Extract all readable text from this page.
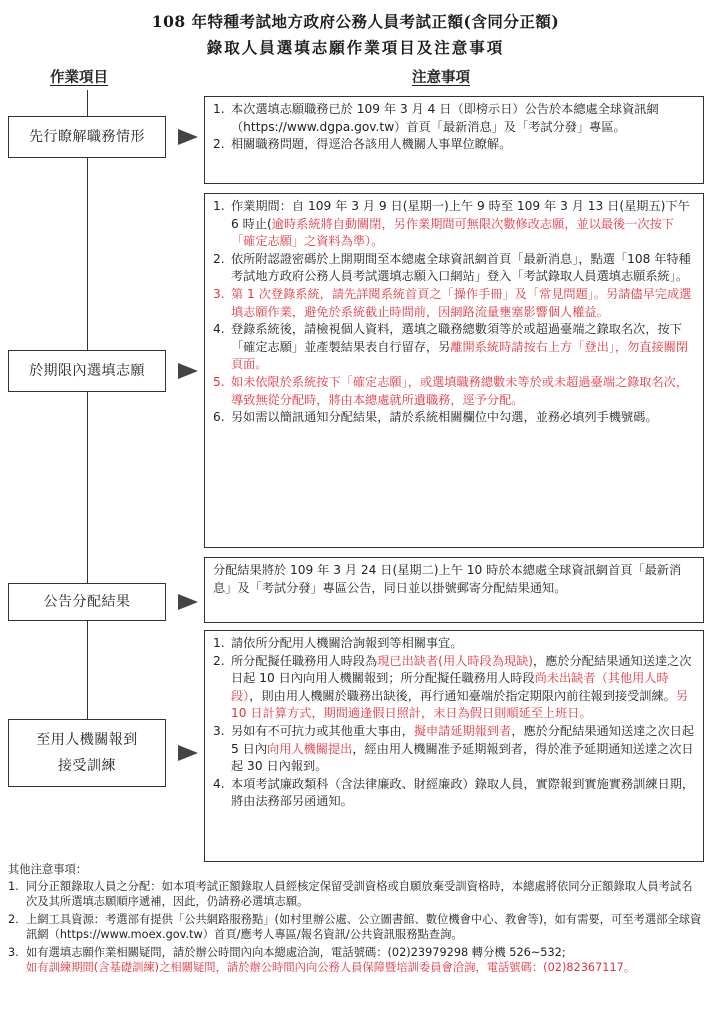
108 年特種考試地方政府公務人員考試正額(含同分正額)
錄取人員選填志願作業項目及注意事項
作業項目	注意事項
先行瞭解職務情形
於期限內選填志願
公告分配結果
至用人機關報到
接受訓練
1. 本次選填志願職務已於 109 年 3 月 4 日（即榜示日）公告於本總處全球資訊網（https://www.dgpa.gov.tw）首頁「最新消息」及「考試分發」專區。
2. 相關職務問題，得逕洽各該用人機關人事單位瞭解。
1. 作業期間：自 109 年 3 月 9 日(星期一)上午 9 時至 109 年 3 月 13 日(星期五)下午 6 時止(逾時系統將自動關閉，另作業期間可無限次數修改志願，並以最後一次按下「確定志願」之資料為準）。
2. 依所附認證密碼於上開期間至本總處全球資訊網首頁「最新消息」，點選「108 年特種考試地方政府公務人員考試選填志願入口網站」登入「考試錄取人員選填志願系統」。
3. 第 1 次登錄系統，請先詳閱系統首頁之「操作手冊」及「常見問題」。另請儘早完成選填志願作業，避免於系統截止時間前，因網路流量壅塞影響個人權益。
4. 登錄系統後，請檢視個人資料，選填之職務總數須等於或超過臺端之錄取名次，按下「確定志願」並產製結果表自行留存，另離開系統時請按右上方「登出」，勿直接關閉頁面。
5. 如未依限於系統按下「確定志願」，或選填職務總數未等於或未超過臺端之錄取名次，導致無從分配時，將由本總處就所遺職務，逕予分配。
6. 另如需以簡訊通知分配結果，請於系統相關欄位中勾選，並務必填列手機號碼。
分配結果將於 109 年 3 月 24 日(星期二)上午 10 時於本總處全球資訊網首頁「最新消息」及「考試分發」專區公告，同日並以掛號郵寄分配結果通知。
1. 請依所分配用人機關洽詢報到等相關事宜。
2. 所分配擬任職務用人時段為現已出缺者(用人時段為現缺)，應於分配結果通知送達之次日起 10 日內向用人機關報到；所分配擬任職務用人時段尚未出缺者（其他用人時段），則由用人機關於職務出缺後，再行通知臺端於指定期限內前往報到接受訓練。另 10 日計算方式，期間適逢假日照計，末日為假日則順延至上班日。
3. 另如有不可抗力或其他重大事由，擬申請延期報到者，應於分配結果通知送達之次日起 5 日內向用人機關提出，經由用人機關准予延期報到者，得於准予延期通知送達之次日起 30 日內報到。
4. 本項考試廉政類科（含法律廉政、財經廉政）錄取人員，實際報到實施實務訓練日期，將由法務部另函通知。
其他注意事項：
1. 同分正額錄取人員之分配：如本項考試正額錄取人員經核定保留受訓資格或自願放棄受訓資格時，本總處將依同分正額錄取人員考試名次及其所選填志願順序遞補，因此，仍請務必選填志願。
2. 上網工具資源：考選部有提供「公共網路服務點」(如村里辦公處、公立圖書館、數位機會中心、教會等)，如有需要，可至考選部全球資訊網（https://www.moex.gov.tw）首頁/應考人專區/報名資訊/公共資訊服務點查詢。
3. 如有選填志願作業相關疑問，請於辦公時間內向本總處洽詢，電話號碼：(02)23979298 轉分機 526~532;
如有訓練期間(含基礎訓練)之相關疑問，請於辦公時間內向公務人員保障暨培訓委員會洽詢，電話號碼：(02)82367117。
